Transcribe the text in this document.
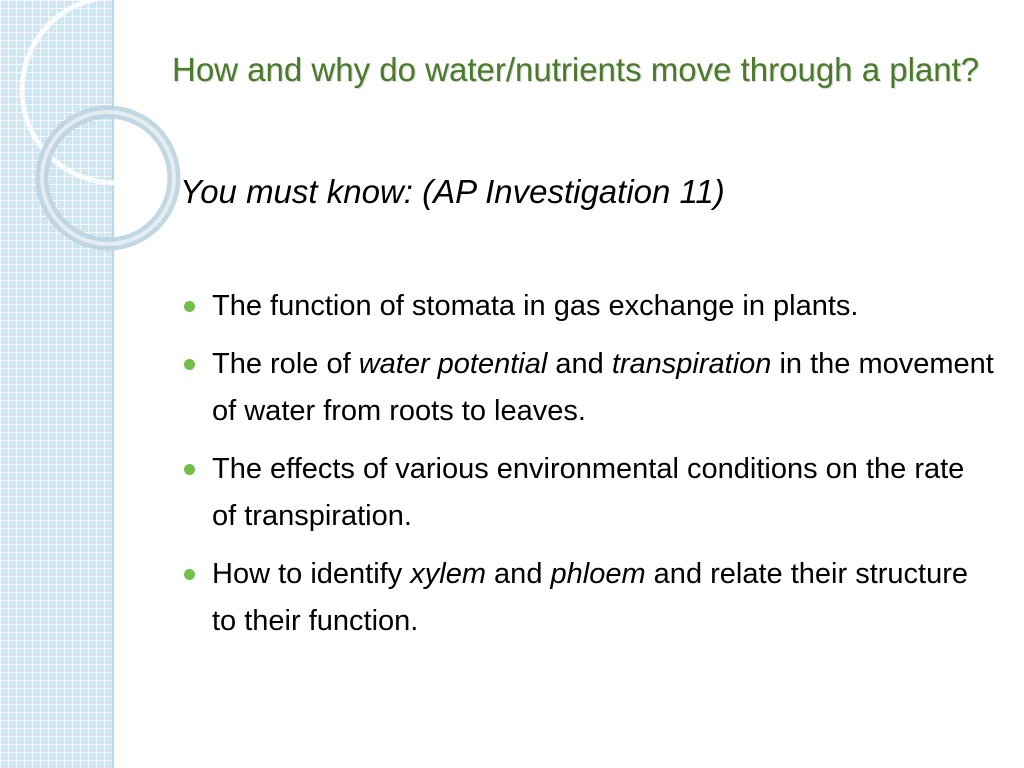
How and why do water/nutrients move through a plant?

You must know: (AP Investigation 11)

The function of stomata in gas exchange in plants.
The role of water potential and transpiration in the movement of water from roots to leaves.
The effects of various environmental conditions on the rate of transpiration.
How to identify xylem and phloem and relate their structure to their function.
